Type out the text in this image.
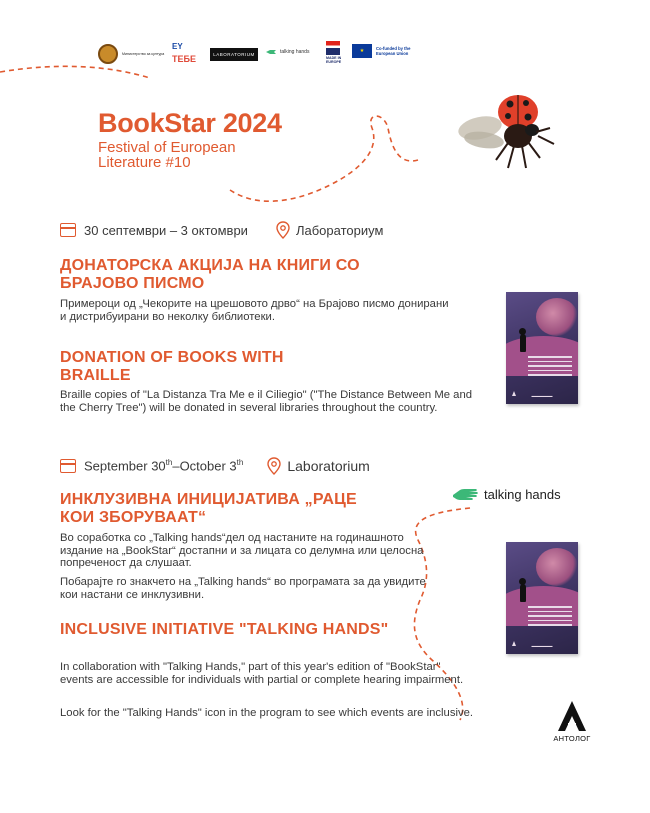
Министерство за култура
EY
ТЕБЕ	LABORATORIUM	talking hands
MADE IN EUROPE
★	Co-funded by the European Union
BookStar 2024
Festival of European Literature #10
30 септември – 3 октомври	Лабораториум
ДОНАТОРСКА АКЦИЈА НА КНИГИ СО БРАЈОВО ПИСМО
Примероци од „Чекорите на црешовото дрво“ на Брајово писмо донирани и дистрибуирани во неколку библиотеки.
DONATION OF BOOKS WITH BRAILLE
Braille copies of "La Distanza Tra Me e il Ciliegio" ("The Distance Between Me and the Cherry Tree") will be donated in several libraries throughout the country.
▬▬▬▬▬▬
September 30th–October 3th	Laboratorium
talking hands
ИНКЛУЗИВНА ИНИЦИЈАТИВА „РАЦЕ КОИ ЗБОРУВААТ“
Во соработка со „Talking hands“дел од настаните на годинашното издание на „BookStar“ достапни и за лицата со делумна или целосна попреченост да слушаат.
Побарајте го знакчето на „Talking hands“ во програмата за да увидите кои настани се инклузивни.
INCLUSIVE INITIATIVE "TALKING HANDS"
In collaboration with "Talking Hands," part of this year's edition of "BookStar" events are accessible for individuals with partial or complete hearing impairment.
Look for the "Talking Hands" icon in the program to see which events are inclusive.
▬▬▬▬▬▬
АНТОЛОГ
